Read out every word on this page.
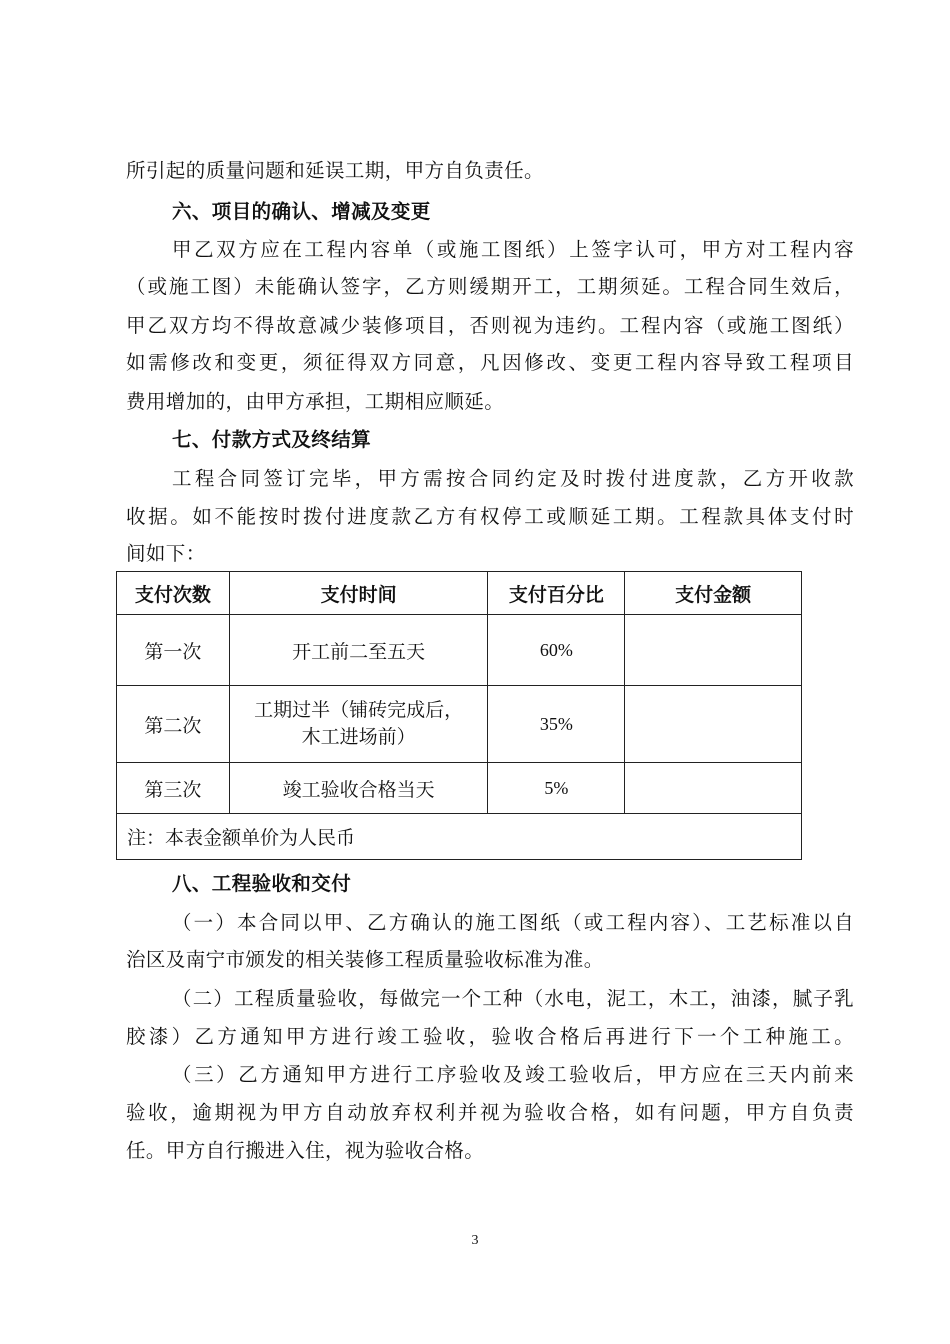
所引起的质量问题和延误工期，甲方自负责任。
六、项目的确认、增减及变更
甲乙双方应在工程内容单（或施工图纸）上签字认可，甲方对工程内容
（或施工图）未能确认签字，乙方则缓期开工，工期须延。工程合同生效后，
甲乙双方均不得故意减少装修项目，否则视为违约。工程内容（或施工图纸）
如需修改和变更，须征得双方同意，凡因修改、变更工程内容导致工程项目
费用增加的，由甲方承担，工期相应顺延。
七、付款方式及终结算
工程合同签订完毕，甲方需按合同约定及时拨付进度款，乙方开收款
收据。如不能按时拨付进度款乙方有权停工或顺延工期。工程款具体支付时
间如下：
支付次数	支付时间	支付百分比	支付金额
第一次	开工前二至五天	60%	
第二次	工期过半（铺砖完成后，
木工进场前）	35%	
第三次	竣工验收合格当天	5%	
注：本表金额单价为人民币			
八、工程验收和交付
（一）本合同以甲、乙方确认的施工图纸（或工程内容）、工艺标准以自
治区及南宁市颁发的相关装修工程质量验收标准为准。
（二）工程质量验收，每做完一个工种（水电，泥工，木工，油漆，腻子乳
胶漆）乙方通知甲方进行竣工验收，验收合格后再进行下一个工种施工。
（三）乙方通知甲方进行工序验收及竣工验收后，甲方应在三天内前来
验收，逾期视为甲方自动放弃权利并视为验收合格，如有问题，甲方自负责
任。甲方自行搬进入住，视为验收合格。
3
